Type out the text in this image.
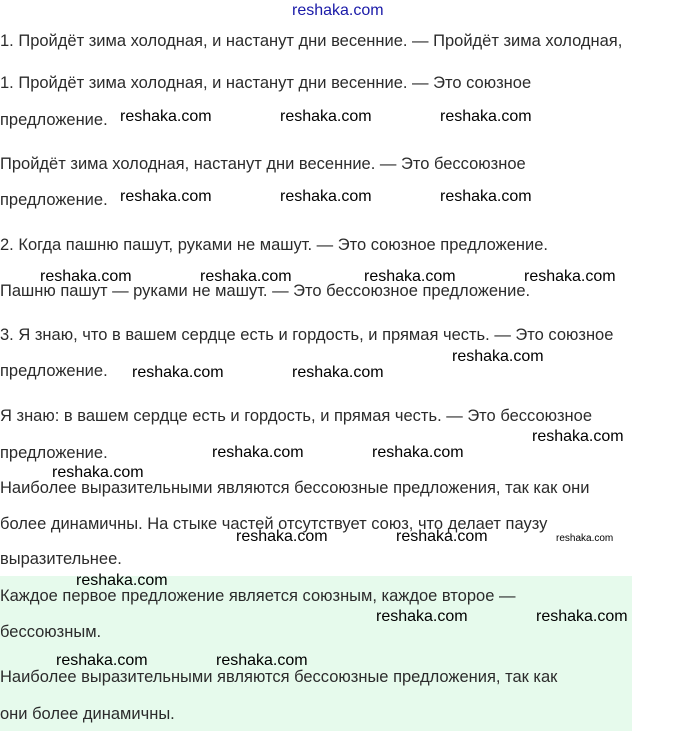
1. Пройдёт зима холодная, и настанут дни весенние. — Пройдёт зима холодная,
1. Пройдёт зима холодная, и настанут дни весенние. — Это союзное
предложение.
Пройдёт зима холодная, настанут дни весенние. — Это бессоюзное
предложение.
2. Когда пашню пашут, руками не машут. — Это союзное предложение.
Пашню пашут — руками не машут. — Это бессоюзное предложение.
3. Я знаю, что в вашем сердце есть и гордость, и прямая честь. — Это союзное
предложение.
Я знаю: в вашем сердце есть и гордость, и прямая честь. — Это бессоюзное
предложение.
Наиболее выразительными являются бессоюзные предложения, так как они
более динамичны. На стыке частей отсутствует союз, что делает паузу
выразительнее.
Каждое первое предложение является союзным, каждое второе —
бессоюзным.
Наиболее выразительными являются бессоюзные предложения, так как
они более динамичны.
reshaka.com
reshaka.com	reshaka.com	reshaka.com
reshaka.com	reshaka.com	reshaka.com
reshaka.com	reshaka.com	reshaka.com	reshaka.com
reshaka.com
reshaka.com	reshaka.com
reshaka.com
reshaka.com	reshaka.com
reshaka.com
reshaka.com	reshaka.com	reshaka.com
reshaka.com
reshaka.com	reshaka.com
reshaka.com	reshaka.com
